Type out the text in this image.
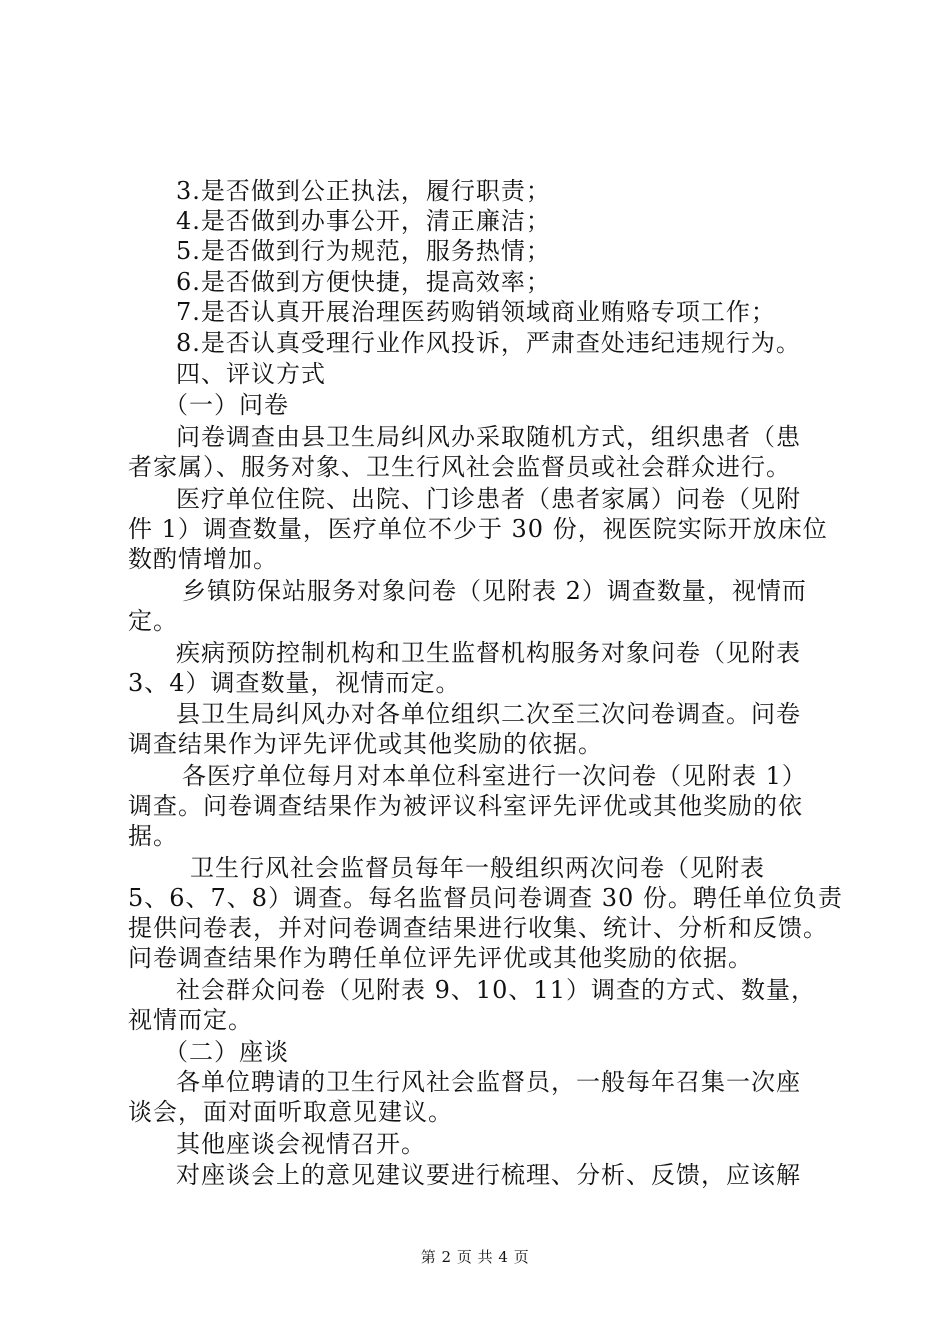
3.是否做到公正执法，履行职责；

4.是否做到办事公开，清正廉洁；

5.是否做到行为规范，服务热情；

6.是否做到方便快捷，提高效率；

7.是否认真开展治理医药购销领域商业贿赂专项工作；

8.是否认真受理行业作风投诉，严肃查处违纪违规行为。

四、评议方式

（一）问卷

问卷调查由县卫生局纠风办采取随机方式，组织患者（患

者家属）、服务对象、卫生行风社会监督员或社会群众进行。

医疗单位住院、出院、门诊患者（患者家属）问卷（见附

件 1）调查数量，医疗单位不少于 30 份，视医院实际开放床位

数酌情增加。

乡镇防保站服务对象问卷（见附表 2）调查数量，视情而

定。

疾病预防控制机构和卫生监督机构服务对象问卷（见附表

3、4）调查数量，视情而定。

县卫生局纠风办对各单位组织二次至三次问卷调查。问卷

调查结果作为评先评优或其他奖励的依据。

各医疗单位每月对本单位科室进行一次问卷（见附表 1）

调查。问卷调查结果作为被评议科室评先评优或其他奖励的依

据。

卫生行风社会监督员每年一般组织两次问卷（见附表

5、6、7、8）调查。每名监督员问卷调查 30 份。聘任单位负责

提供问卷表，并对问卷调查结果进行收集、统计、分析和反馈。

问卷调查结果作为聘任单位评先评优或其他奖励的依据。

社会群众问卷（见附表 9、10、11）调查的方式、数量，

视情而定。

（二）座谈

各单位聘请的卫生行风社会监督员，一般每年召集一次座

谈会，面对面听取意见建议。

其他座谈会视情召开。

对座谈会上的意见建议要进行梳理、分析、反馈，应该解

第 2 页 共 4 页
